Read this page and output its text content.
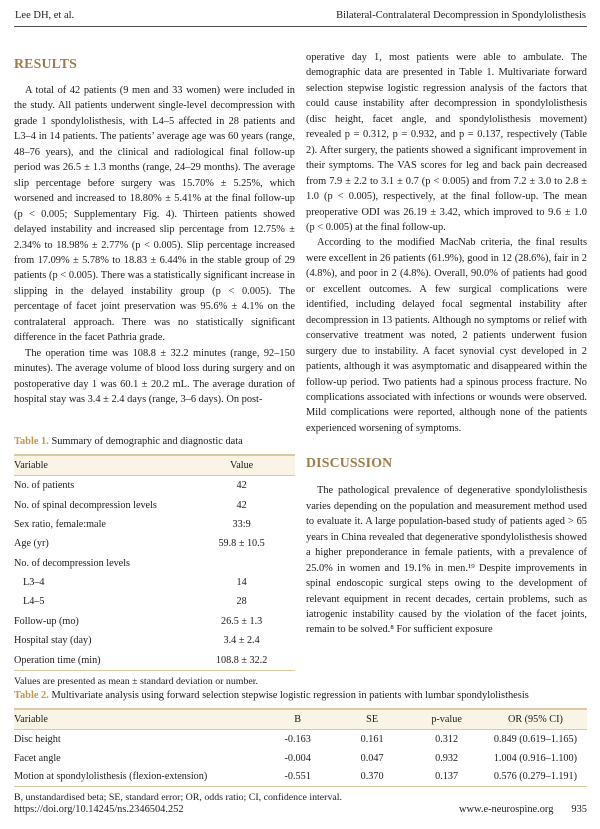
Lee DH, et al.	Bilateral-Contralateral Decompression in Spondylolisthesis
RESULTS

A total of 42 patients (9 men and 33 women) were included in the study. All patients underwent single-level decompression with grade 1 spondylolisthesis, with L4–5 affected in 28 patients and L3–4 in 14 patients. The patients’ average age was 60 years (range, 48–76 years), and the clinical and radiological final follow-up period was 26.5 ± 1.3 months (range, 24–29 months). The average slip percentage before surgery was 15.70% ± 5.25%, which worsened and increased to 18.80% ± 5.41% at the final follow-up (p < 0.005; Supplementary Fig. 4). Thirteen patients showed delayed instability and increased slip percentage from 12.75% ± 2.34% to 18.98% ± 2.77% (p < 0.005). Slip percentage increased from 17.09% ± 5.78% to 18.83 ± 6.44% in the stable group of 29 patients (p < 0.005). There was a statistically significant increase in slipping in the delayed instability group (p < 0.005). The percentage of facet joint preservation was 95.6% ± 4.1% on the contralateral approach. There was no statistically significant difference in the facet Pathria grade.

The operation time was 108.8 ± 32.2 minutes (range, 92–150 minutes). The average volume of blood loss during surgery and on postoperative day 1 was 60.1 ± 20.2 mL. The average duration of hospital stay was 3.4 ± 2.4 days (range, 3–6 days). On post-

Table 1. Summary of demographic and diagnostic data

Variable	Value
No. of patients	42
No. of spinal decompression levels	42
Sex ratio, female:male	33:9
Age (yr)	59.8 ± 10.5
No. of decompression levels	
L3–4	14
L4–5	28
Follow-up (mo)	26.5 ± 1.3
Hospital stay (day)	3.4 ± 2.4
Operation time (min)	108.8 ± 32.2

Values are presented as mean ± standard deviation or number.

operative day 1, most patients were able to ambulate. The demographic data are presented in Table 1. Multivariate forward selection stepwise logistic regression analysis of the factors that could cause instability after decompression in spondylolisthesis (disc height, facet angle, and spondylolisthesis movement) revealed p = 0.312, p = 0.932, and p = 0.137, respectively (Table 2). After surgery, the patients showed a significant improvement in their symptoms. The VAS scores for leg and back pain decreased from 7.9 ± 2.2 to 3.1 ± 0.7 (p < 0.005) and from 7.2 ± 3.0 to 2.8 ± 1.0 (p < 0.005), respectively, at the final follow-up. The mean preoperative ODI was 26.19 ± 3.42, which improved to 9.6 ± 1.0 (p < 0.005) at the final follow-up.

According to the modified MacNab criteria, the final results were excellent in 26 patients (61.9%), good in 12 (28.6%), fair in 2 (4.8%), and poor in 2 (4.8%). Overall, 90.0% of patients had good or excellent outcomes. A few surgical complications were identified, including delayed focal segmental instability after decompression in 13 patients. Although no symptoms or relief with conservative treatment was noted, 2 patients underwent fusion surgery due to instability. A facet synovial cyst developed in 2 patients, although it was asymptomatic and disappeared within the follow-up period. Two patients had a spinous process fracture. No complications associated with infections or wounds were observed. Mild complications were reported, although none of the patients experienced worsening of symptoms.

DISCUSSION

The pathological prevalence of degenerative spondylolisthesis varies depending on the population and measurement method used to evaluate it. A large population-based study of patients aged > 65 years in China revealed that degenerative spondylolisthesis showed a higher preponderance in female patients, with a prevalence of 25.0% in women and 19.1% in men.¹⁹ Despite improvements in spinal endoscopic surgical steps owing to the development of relevant equipment in recent decades, certain problems, such as iatrogenic instability caused by the violation of the facet joints, remain to be solved.⁸ For sufficient exposure

Table 2. Multivariate analysis using forward selection stepwise logistic regression in patients with lumbar spondylolisthesis

Variable	B	SE	p-value	OR (95% CI)
Disc height	-0.163	0.161	0.312	0.849 (0.619–1.165)
Facet angle	-0.004	0.047	0.932	1.004 (0.916–1.100)
Motion at spondylolisthesis (flexion-extension)	-0.551	0.370	0.137	0.576 (0.279–1.191)

B, unstandardised beta; SE, standard error; OR, odds ratio; CI, confidence interval.

https://doi.org/10.14245/ns.2346504.252	www.e-neurospine.org 935
